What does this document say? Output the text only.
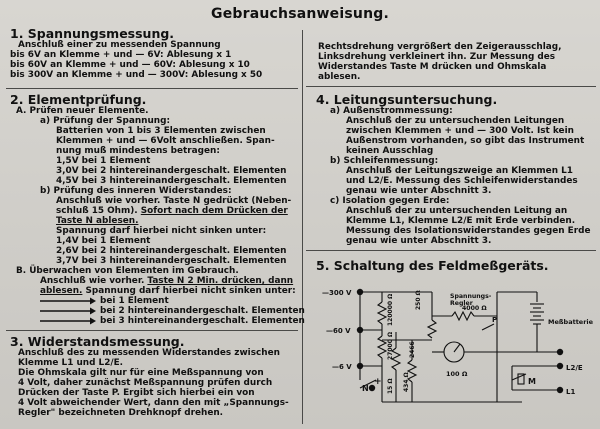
Gebrauchsanweisung.
1. Spannungsmessung.
Anschluß einer zu messenden Spannung
bis 6V an Klemme + und — 6V: Ablesung x 1
bis 60V an Klemme + und — 60V: Ablesung x 10
bis 300V an Klemme + und — 300V: Ablesung x 50
Rechtsdrehung vergrößert den Zeigerausschlag,
Linksdrehung verkleinert ihn. Zur Messung des
Widerstandes Taste M drücken und Ohmskala
ablesen.
2. Elementprüfung.
A. Prüfen neuer Elemente.
a) Prüfung der Spannung:
Batterien von 1 bis 3 Elementen zwischen
Klemmen + und — 6Volt anschließen. Span-
nung muß mindestens betragen:
1,5V bei 1 Element
3,0V bei 2 hintereinandergeschalt. Elementen
4,5V bei 3 hintereinandergeschalt. Elementen
b) Prüfung des inneren Widerstandes:
Anschluß wie vorher. Taste N gedrückt (Neben-
schluß 15 Ohm). Sofort nach dem Drücken der
Taste N ablesen.
Spannung darf hierbei nicht sinken unter:
1,4V bei 1 Element
2,6V bei 2 hintereinandergeschalt. Elementen
3,7V bei 3 hintereinandergeschalt. Elementen
B. Überwachen von Elementen im Gebrauch.
Anschluß wie vorher. Taste N 2 Min. drücken, dann
ablesen. Spannung darf hierbei nicht sinken unter:
bei 1 Element
bei 2 hintereinandergeschalt. Elementen
bei 3 hintereinandergeschalt. Elementen
3. Widerstandsmessung.
Anschluß des zu messenden Widerstandes zwischen
Klemme L1 und L2/E.
Die Ohmskala gilt nur für eine Meßspannung von
4 Volt, daher zunächst Meßspannung prüfen durch
Drücken der Taste P. Ergibt sich hierbei ein von
4 Volt abweichender Wert, dann den mit „Spannungs-
Regler" bezeichneten Drehknopf drehen.
4. Leitungsuntersuchung.
a) Außenstrommessung:
Anschluß der zu untersuchenden Leitungen
zwischen Klemmen + und — 300 Volt. Ist kein
Außenstrom vorhanden, so gibt das Instrument
keinen Ausschlag
b) Schleifenmessung:
Anschluß der Leitungszweige an Klemmen L1
und L2/E. Messung des Schleifenwiderstandes
genau wie unter Abschnitt 3.
c) Isolation gegen Erde:
Anschluß der zu untersuchenden Leitung an
Klemme L1, Klemme L2/E mit Erde verbinden.
Messung des Isolationswiderstandes gegen Erde
genau wie unter Abschnitt 3.
5. Schaltung des Feldmeßgeräts.
—300 V
—60 V
—6 V
N
+
P
M
Meßbatterie
L2/E
L1
Spannungs-Regler
4000 Ω
250 Ω
120000 Ω
27000 Ω	2466
434 Ω
15 Ω
100 Ω
